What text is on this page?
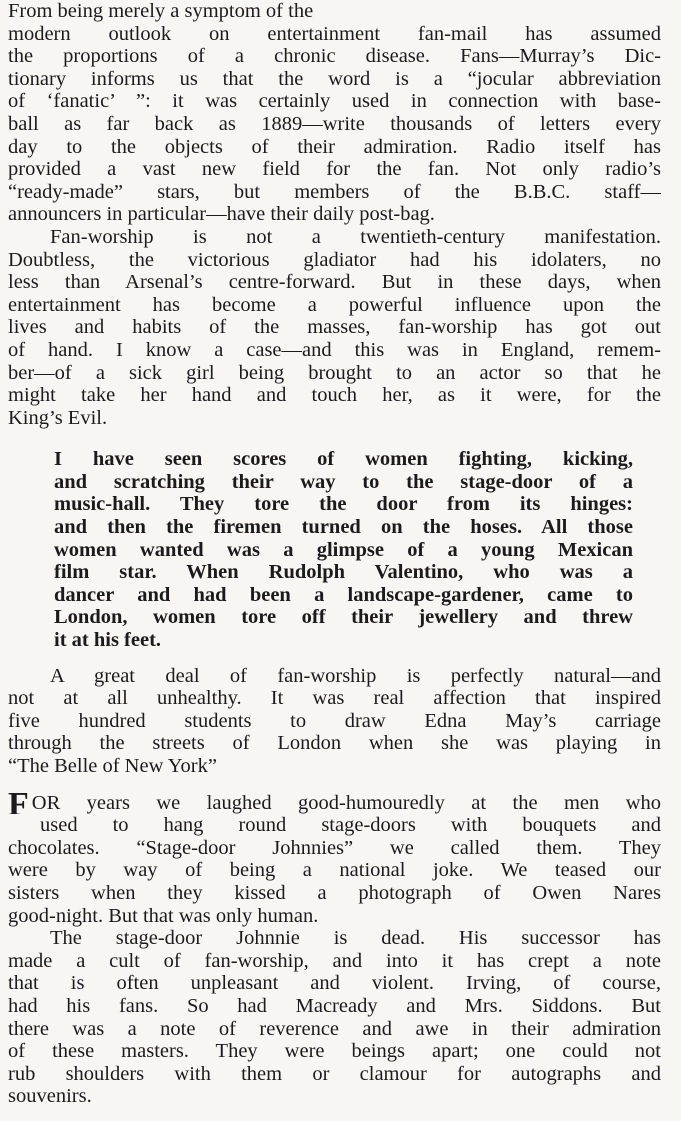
From being merely a symptom of the
modern outlook on entertainment fan-mail has assumed
the proportions of a chronic disease. Fans—Murray’s Dic-
tionary informs us that the word is a “jocular abbreviation
of ‘fanatic’ ”: it was certainly used in connection with base-
ball as far back as 1889—write thousands of letters every
day to the objects of their admiration. Radio itself has
provided a vast new field for the fan. Not only radio’s
“ready-made” stars, but members of the B.B.C. staff—
announcers in particular—have their daily post-bag.
Fan-worship is not a twentieth-century manifestation.
Doubtless, the victorious gladiator had his idolaters, no
less than Arsenal’s centre-forward. But in these days, when
entertainment has become a powerful influence upon the
lives and habits of the masses, fan-worship has got out
of hand. I know a case—and this was in England, remem-
ber—of a sick girl being brought to an actor so that he
might take her hand and touch her, as it were, for the
King’s Evil.
I have seen scores of women fighting, kicking,
and scratching their way to the stage-door of a
music-hall. They tore the door from its hinges:
and then the firemen turned on the hoses. All those
women wanted was a glimpse of a young Mexican
film star. When Rudolph Valentino, who was a
dancer and had been a landscape-gardener, came to
London, women tore off their jewellery and threw
it at his feet.
A great deal of fan-worship is perfectly natural—and
not at all unhealthy. It was real affection that inspired
five hundred students to draw Edna May’s carriage
through the streets of London when she was playing in
“The Belle of New York”
FOR years we laughed good-humouredly at the men who
used to hang round stage-doors with bouquets and
chocolates. “Stage-door Johnnies” we called them. They
were by way of being a national joke. We teased our
sisters when they kissed a photograph of Owen Nares
good-night. But that was only human.
The stage-door Johnnie is dead. His successor has
made a cult of fan-worship, and into it has crept a note
that is often unpleasant and violent. Irving, of course,
had his fans. So had Macready and Mrs. Siddons. But
there was a note of reverence and awe in their admiration
of these masters. They were beings apart; one could not
rub shoulders with them or clamour for autographs and
souvenirs.
